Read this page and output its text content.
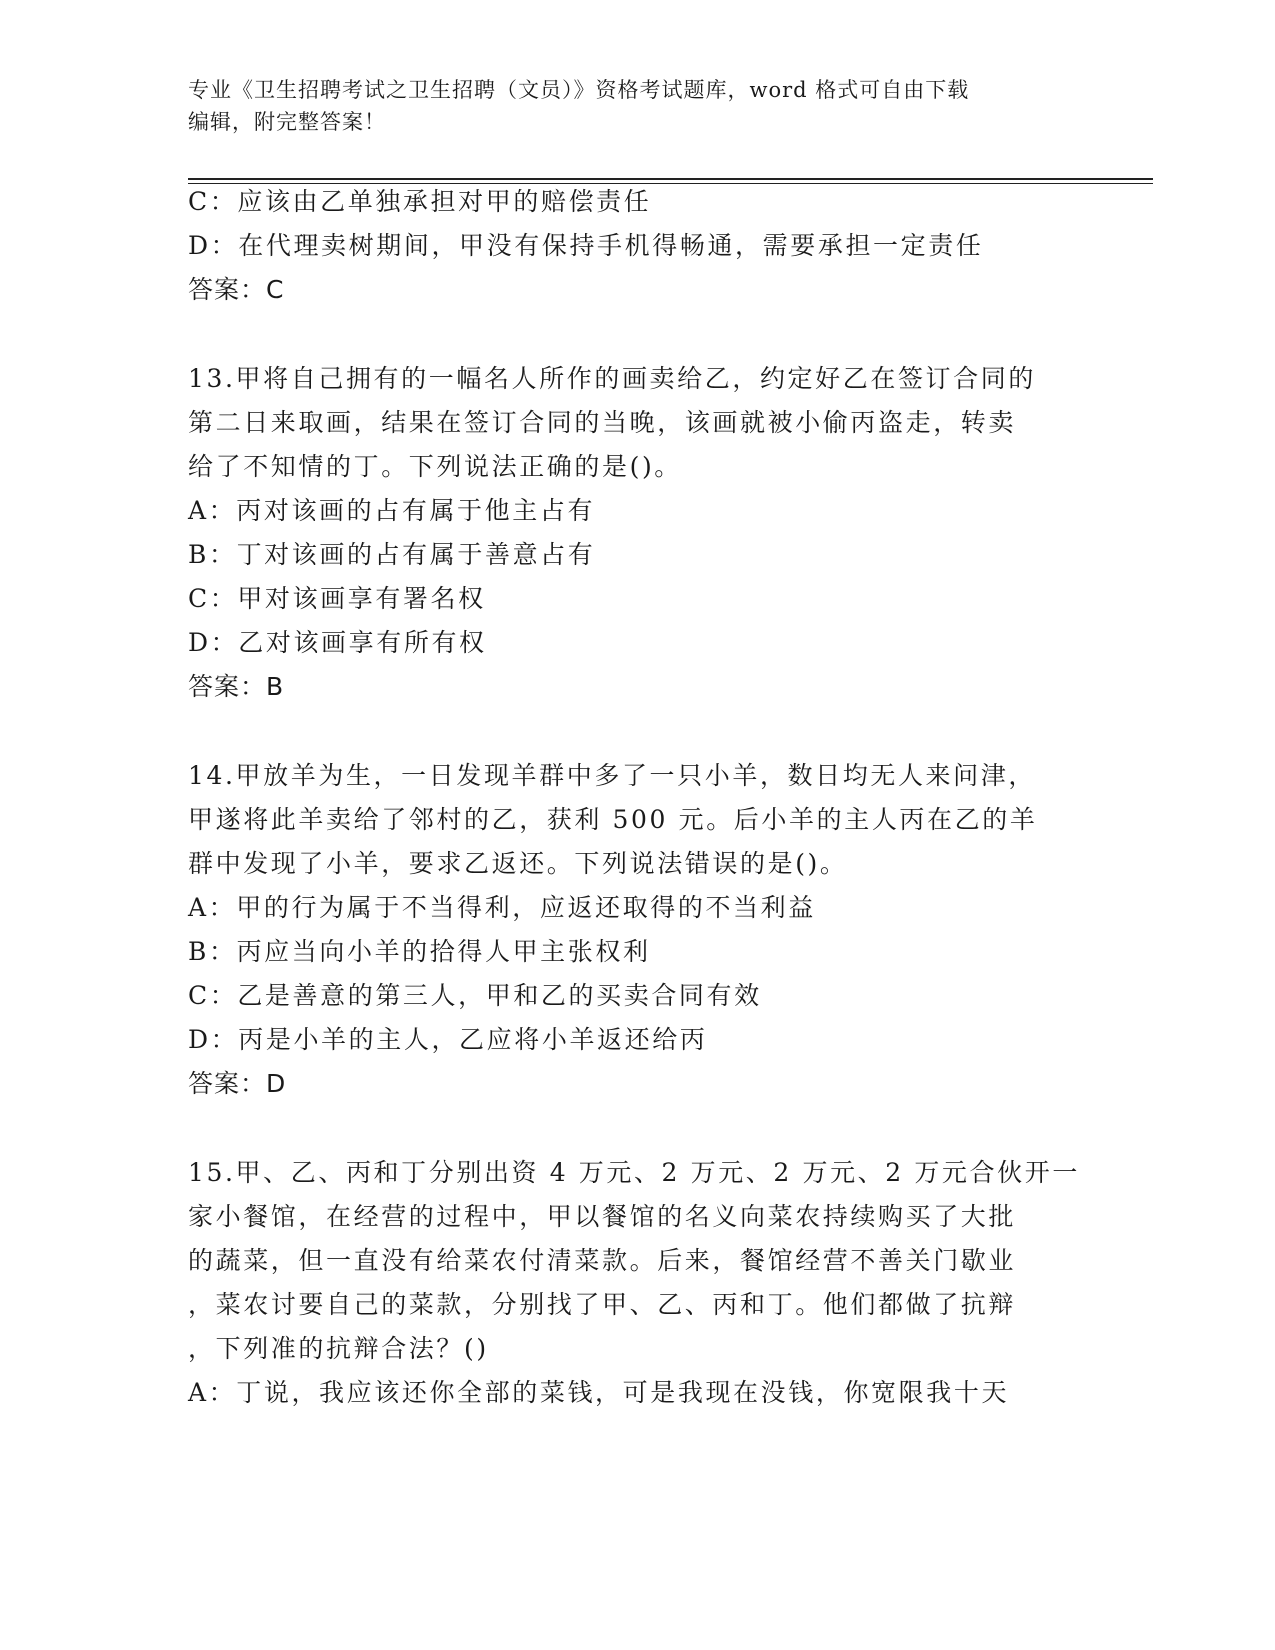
专业《卫生招聘考试之卫生招聘（文员）》资格考试题库，word 格式可自由下载
编辑，附完整答案！
C：应该由乙单独承担对甲的赔偿责任
D：在代理卖树期间，甲没有保持手机得畅通，需要承担一定责任
答案：C
13.甲将自己拥有的一幅名人所作的画卖给乙，约定好乙在签订合同的
第二日来取画，结果在签订合同的当晚，该画就被小偷丙盗走，转卖
给了不知情的丁。下列说法正确的是()。
A：丙对该画的占有属于他主占有
B：丁对该画的占有属于善意占有
C：甲对该画享有署名权
D：乙对该画享有所有权
答案：B
14.甲放羊为生，一日发现羊群中多了一只小羊，数日均无人来问津，
甲遂将此羊卖给了邻村的乙，获利 500 元。后小羊的主人丙在乙的羊
群中发现了小羊，要求乙返还。下列说法错误的是()。
A：甲的行为属于不当得利，应返还取得的不当利益
B：丙应当向小羊的拾得人甲主张权利
C：乙是善意的第三人，甲和乙的买卖合同有效
D：丙是小羊的主人，乙应将小羊返还给丙
答案：D
15.甲、乙、丙和丁分别出资 4 万元、2 万元、2 万元、2 万元合伙开一
家小餐馆，在经营的过程中，甲以餐馆的名义向菜农持续购买了大批
的蔬菜，但一直没有给菜农付清菜款。后来，餐馆经营不善关门歇业
，菜农讨要自己的菜款，分别找了甲、乙、丙和丁。他们都做了抗辩
，下列准的抗辩合法？()
A：丁说，我应该还你全部的菜钱，可是我现在没钱，你宽限我十天
